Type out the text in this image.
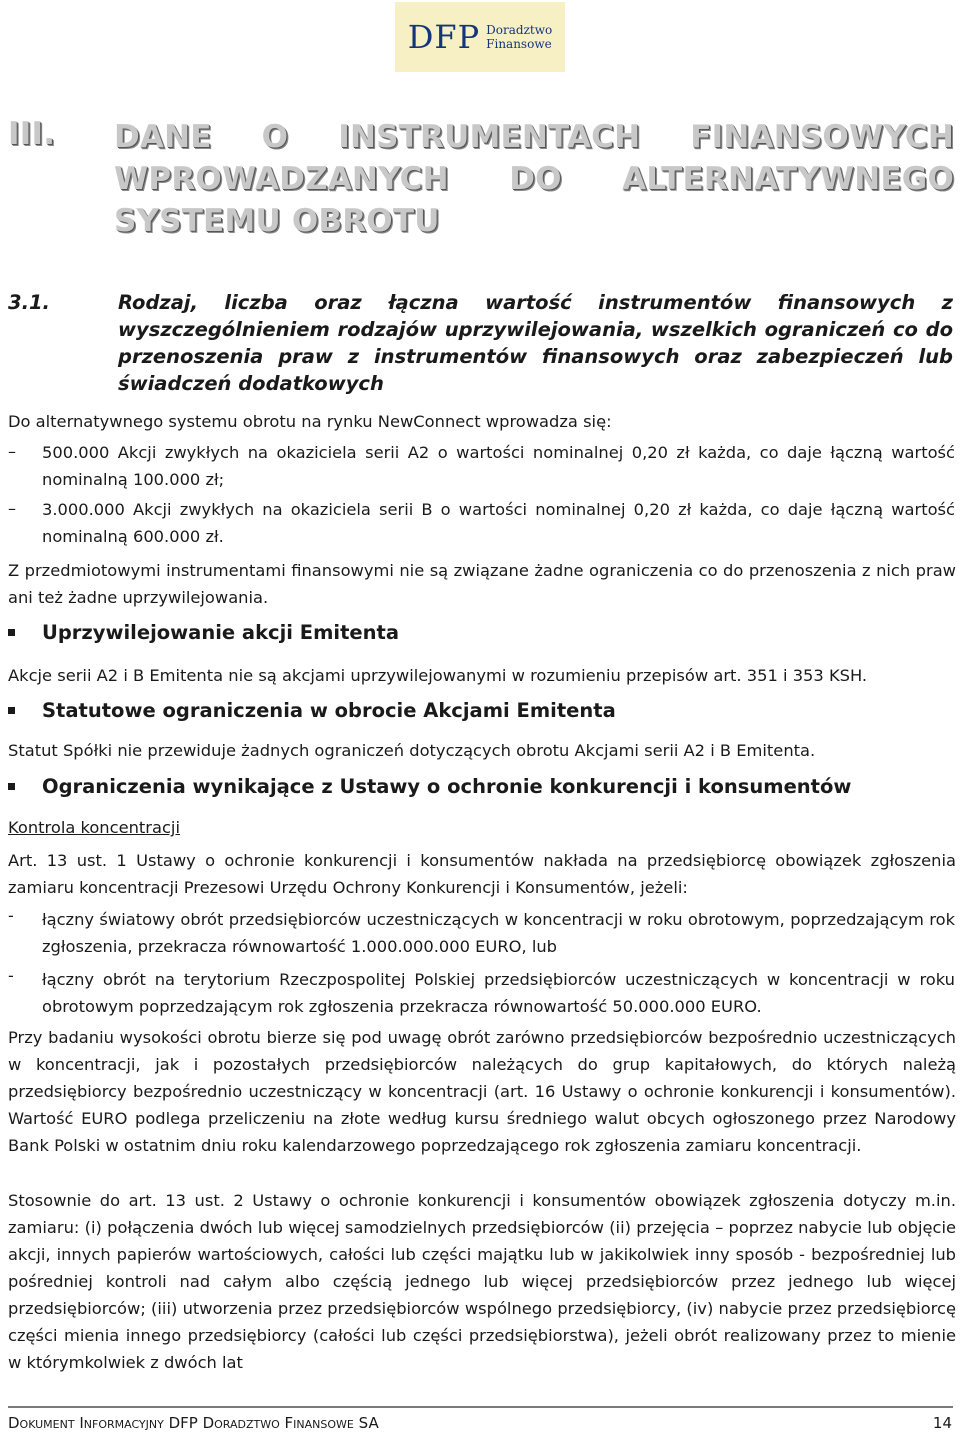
DFP Doradztwo
Finansowe
III. DANE O INSTRUMENTACH FINANSOWYCH WPROWADZANYCH DO ALTERNATYWNEGO SYSTEMU OBROTU
3.1.	Rodzaj, liczba oraz łączna wartość instrumentów finansowych z wyszczególnieniem rodzajów uprzywilejowania, wszelkich ograniczeń co do przenoszenia praw z instrumentów finansowych oraz zabezpieczeń lub świadczeń dodatkowych
Do alternatywnego systemu obrotu na rynku NewConnect wprowadza się:
– 500.000 Akcji zwykłych na okaziciela serii A2 o wartości nominalnej 0,20 zł każda, co daje łączną wartość nominalną 100.000 zł;
– 3.000.000 Akcji zwykłych na okaziciela serii B o wartości nominalnej 0,20 zł każda, co daje łączną wartość nominalną 600.000 zł.
Z przedmiotowymi instrumentami finansowymi nie są związane żadne ograniczenia co do przenoszenia z nich praw ani też żadne uprzywilejowania.
Uprzywilejowanie akcji Emitenta
Akcje serii A2 i B Emitenta nie są akcjami uprzywilejowanymi w rozumieniu przepisów art. 351 i 353 KSH.
Statutowe ograniczenia w obrocie Akcjami Emitenta
Statut Spółki nie przewiduje żadnych ograniczeń dotyczących obrotu Akcjami serii A2 i B Emitenta.
Ograniczenia wynikające z Ustawy o ochronie konkurencji i konsumentów
Kontrola koncentracji
Art. 13 ust. 1 Ustawy o ochronie konkurencji i konsumentów nakłada na przedsiębiorcę obowiązek zgłoszenia zamiaru koncentracji Prezesowi Urzędu Ochrony Konkurencji i Konsumentów, jeżeli:
- łączny światowy obrót przedsiębiorców uczestniczących w koncentracji w roku obrotowym, poprzedzającym rok zgłoszenia, przekracza równowartość 1.000.000.000 EURO, lub
- łączny obrót na terytorium Rzeczpospolitej Polskiej przedsiębiorców uczestniczących w koncentracji w roku obrotowym poprzedzającym rok zgłoszenia przekracza równowartość 50.000.000 EURO.
Przy badaniu wysokości obrotu bierze się pod uwagę obrót zarówno przedsiębiorców bezpośrednio uczestniczących w koncentracji, jak i pozostałych przedsiębiorców należących do grup kapitałowych, do których należą przedsiębiorcy bezpośrednio uczestniczący w koncentracji (art. 16 Ustawy o ochronie konkurencji i konsumentów). Wartość EURO podlega przeliczeniu na złote według kursu średniego walut obcych ogłoszonego przez Narodowy Bank Polski w ostatnim dniu roku kalendarzowego poprzedzającego rok zgłoszenia zamiaru koncentracji.
Stosownie do art. 13 ust. 2 Ustawy o ochronie konkurencji i konsumentów obowiązek zgłoszenia dotyczy m.in. zamiaru: (i) połączenia dwóch lub więcej samodzielnych przedsiębiorców (ii) przejęcia – poprzez nabycie lub objęcie akcji, innych papierów wartościowych, całości lub części majątku lub w jakikolwiek inny sposób - bezpośredniej lub pośredniej kontroli nad całym albo częścią jednego lub więcej przedsiębiorców przez jednego lub więcej przedsiębiorców; (iii) utworzenia przez przedsiębiorców wspólnego przedsiębiorcy, (iv) nabycie przez przedsiębiorcę części mienia innego przedsiębiorcy (całości lub części przedsiębiorstwa), jeżeli obrót realizowany przez to mienie w którymkolwiek z dwóch lat
Dokument Informacyjny DFP Doradztwo Finansowe SA	14
